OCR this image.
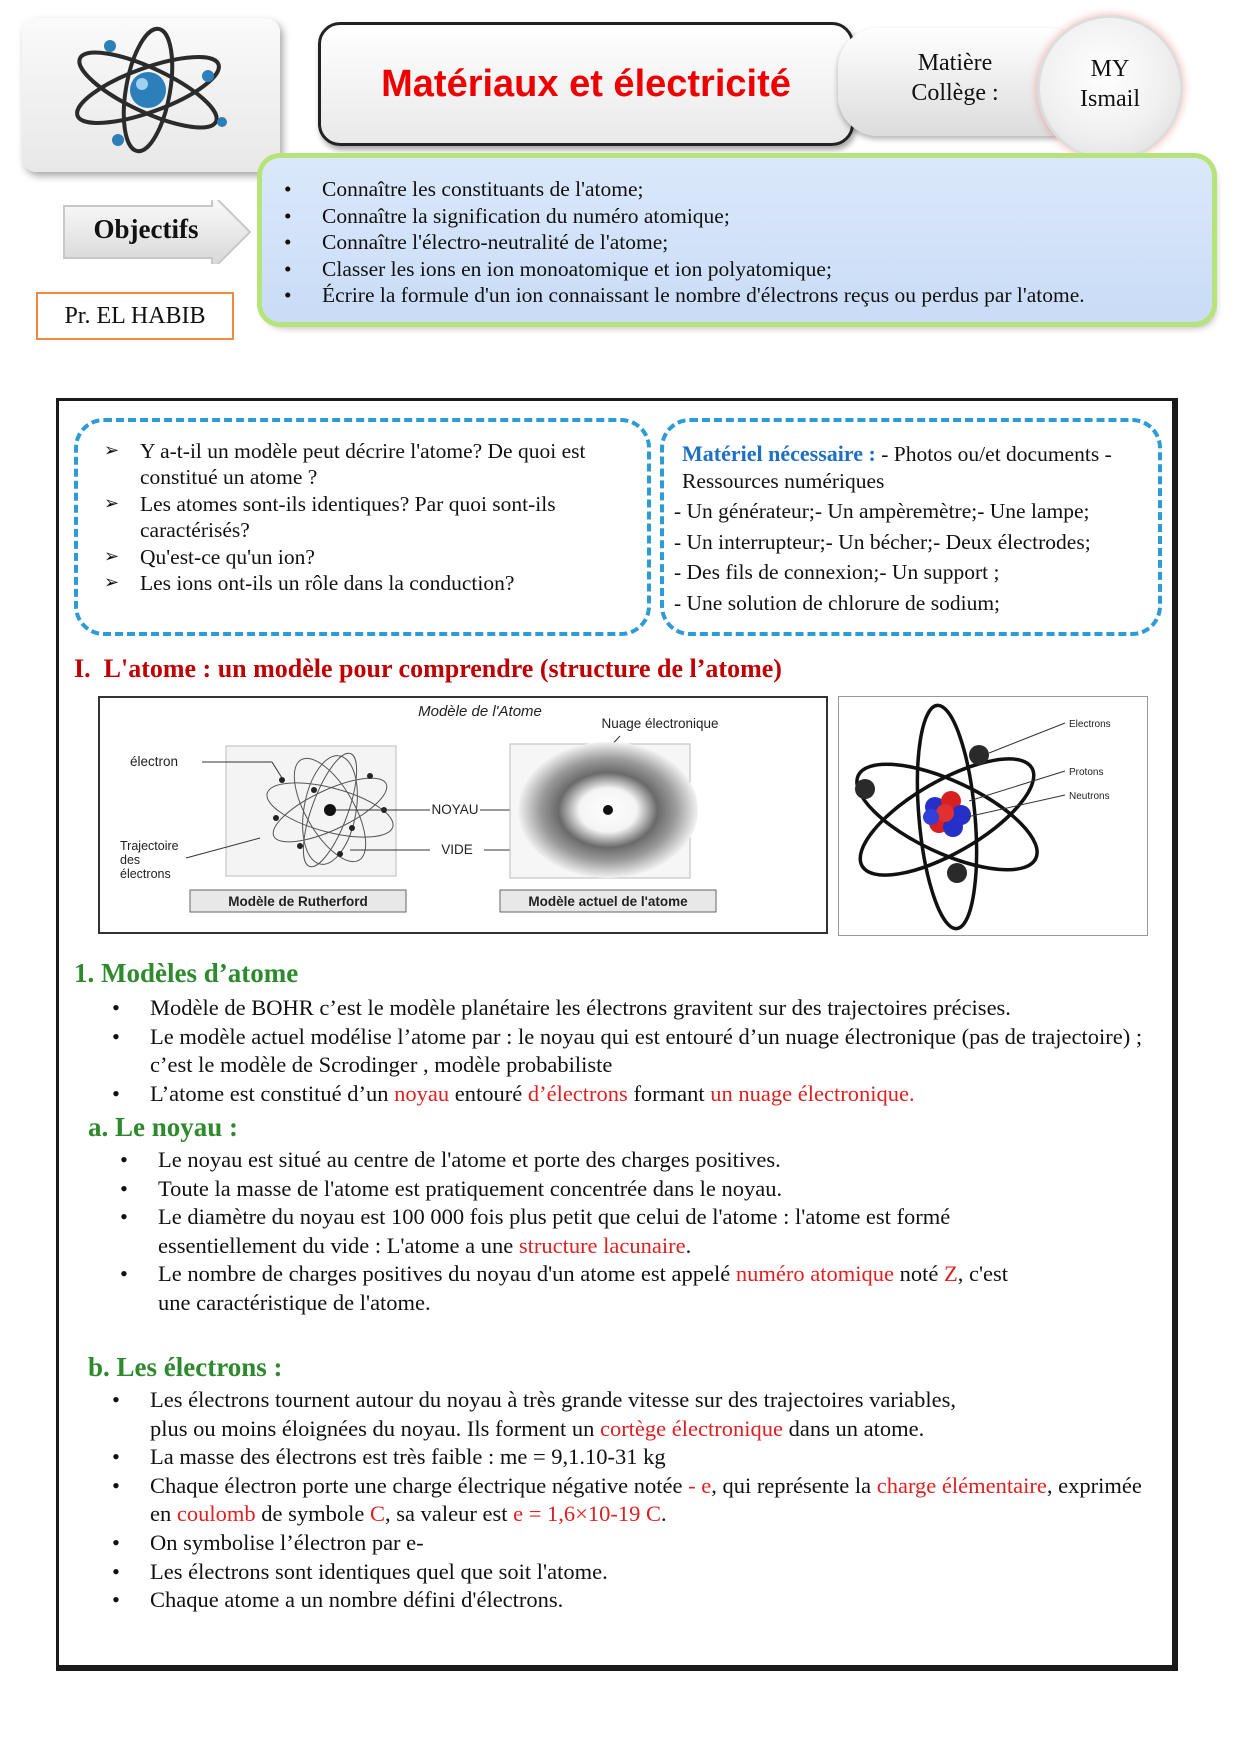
Matériaux et électricité	Matière
Collège :
MY
Ismail
Objectifs
Pr. EL HABIB
• Connaître les constituants de l'atome;
• Connaître la signification du numéro atomique;
• Connaître l'électro-neutralité de l'atome;
• Classer les ions en ion monoatomique et ion polyatomique;
• Écrire la formule d'un ion connaissant le nombre d'électrons reçus ou perdus par l'atome.
➢ Y a-t-il un modèle peut décrire l'atome? De quoi est constitué un atome ?
➢ Les atomes sont-ils identiques? Par quoi sont-ils caractérisés?
➢ Qu'est-ce qu'un ion?
➢ Les ions ont-ils un rôle dans la conduction?
Matériel nécessaire : - Photos ou/et documents - Ressources numériques
- Un générateur;- Un ampèremètre;- Une lampe;
- Un interrupteur;- Un bécher;- Deux électrodes;
- Des fils de connexion;- Un support ;
- Une solution de chlorure de sodium;
I. L'atome : un modèle pour comprendre (structure de l’atome)
Modèle de l'Atome
électron
Trajectoire
des
électrons
NOYAU
VIDE
Nuage électronique
Modèle de Rutherford	Modèle actuel de l'atome
Electrons
Protons
Neutrons
1. Modèles d’atome
• Modèle de BOHR c’est le modèle planétaire les électrons gravitent sur des trajectoires précises.
• Le modèle actuel modélise l’atome par : le noyau qui est entouré d’un nuage électronique (pas de trajectoire) ; c’est le modèle de Scrodinger , modèle probabiliste
• L’atome est constitué d’un noyau entouré d’électrons formant un nuage électronique.
a. Le noyau :
• Le noyau est situé au centre de l'atome et porte des charges positives.
• Toute la masse de l'atome est pratiquement concentrée dans le noyau.
• Le diamètre du noyau est 100 000 fois plus petit que celui de l'atome : l'atome est formé essentiellement du vide : L'atome a une structure lacunaire.
• Le nombre de charges positives du noyau d'un atome est appelé numéro atomique noté Z, c'est une caractéristique de l'atome.
b. Les électrons :
• Les électrons tournent autour du noyau à très grande vitesse sur des trajectoires variables, plus ou moins éloignées du noyau. Ils forment un cortège électronique dans un atome.
• La masse des électrons est très faible : me = 9,1.10-31 kg
• Chaque électron porte une charge électrique négative notée - e, qui représente la charge élémentaire, exprimée en coulomb de symbole C, sa valeur est e = 1,6×10-19 C.
• On symbolise l’électron par e-
• Les électrons sont identiques quel que soit l'atome.
• Chaque atome a un nombre défini d'électrons.
